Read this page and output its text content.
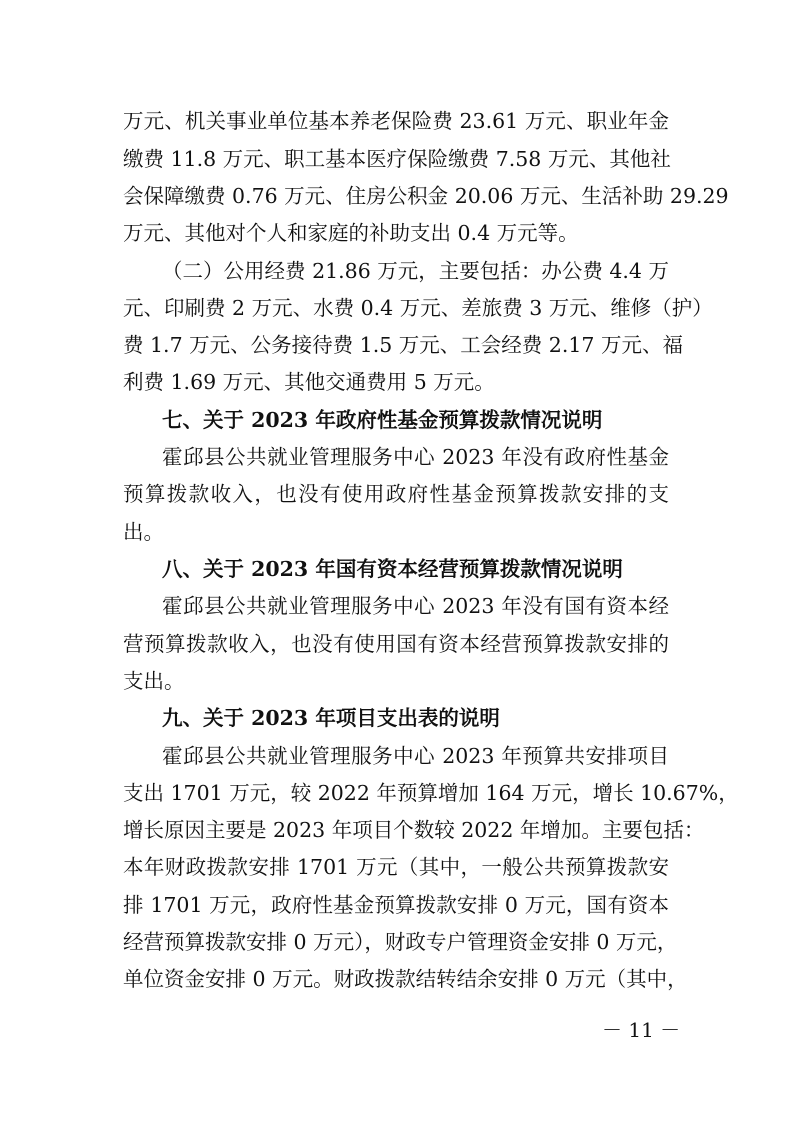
万元、机关事业单位基本养老保险费 23.61 万元、职业年金
缴费 11.8 万元、职工基本医疗保险缴费 7.58 万元、其他社
会保障缴费 0.76 万元、住房公积金 20.06 万元、生活补助 29.29
万元、其他对个人和家庭的补助支出 0.4 万元等。
（二）公用经费 21.86 万元，主要包括：办公费 4.4 万
元、印刷费 2 万元、水费 0.4 万元、差旅费 3 万元、维修（护）
费 1.7 万元、公务接待费 1.5 万元、工会经费 2.17 万元、福
利费 1.69 万元、其他交通费用 5 万元。
七、关于 2023 年政府性基金预算拨款情况说明
霍邱县公共就业管理服务中心 2023 年没有政府性基金
预算拨款收入，也没有使用政府性基金预算拨款安排的支
出。
八、关于 2023 年国有资本经营预算拨款情况说明
霍邱县公共就业管理服务中心 2023 年没有国有资本经
营预算拨款收入，也没有使用国有资本经营预算拨款安排的
支出。
九、关于 2023 年项目支出表的说明
霍邱县公共就业管理服务中心 2023 年预算共安排项目
支出 1701 万元，较 2022 年预算增加 164 万元，增长 10.67%，
增长原因主要是 2023 年项目个数较 2022 年增加。主要包括：
本年财政拨款安排 1701 万元（其中，一般公共预算拨款安
排 1701 万元，政府性基金预算拨款安排 0 万元，国有资本
经营预算拨款安排 0 万元），财政专户管理资金安排 0 万元，
单位资金安排 0 万元。财政拨款结转结余安排 0 万元（其中，
－ 11 －
